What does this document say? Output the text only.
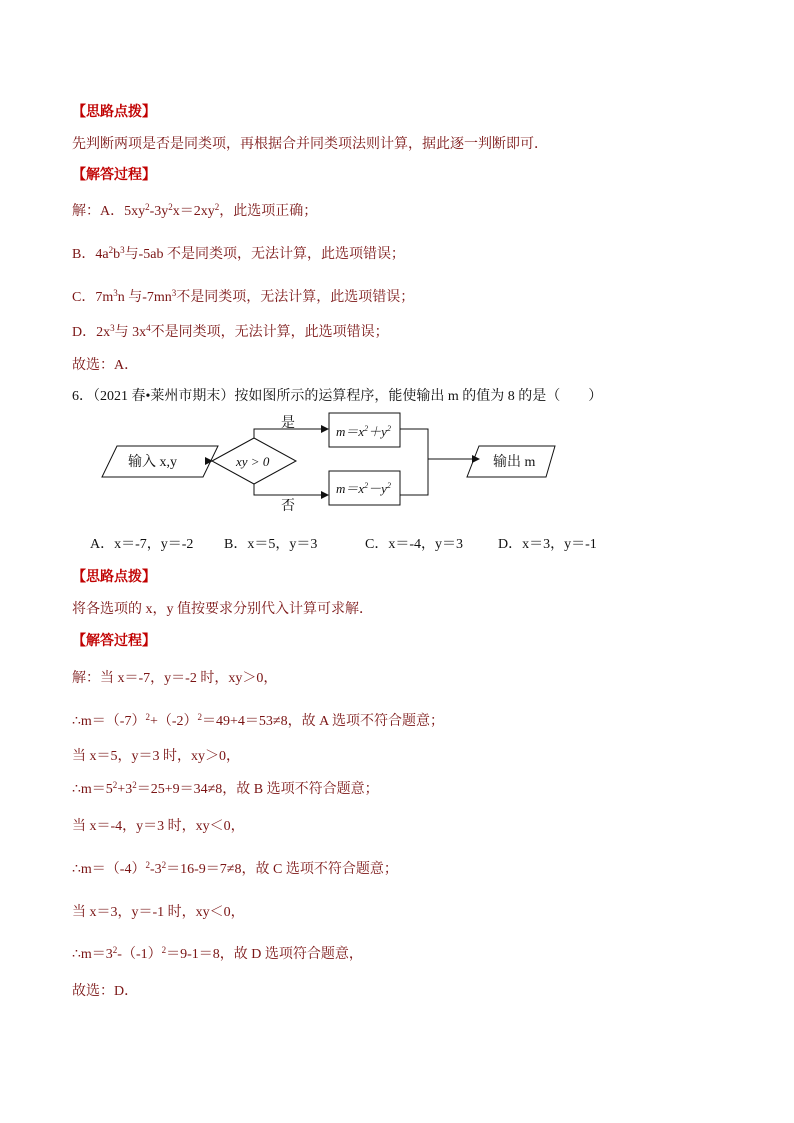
【思路点拨】
先判断两项是否是同类项，再根据合并同类项法则计算，据此逐一判断即可．
【解答过程】
解：A．$5xy^2-3y^2x=2xy^2$，此选项正确；
B．$4a^2b^3$与-5ab 不是同类项，无法计算，此选项错误；
C．$7m^3n$ 与$-7mn^3$不是同类项，无法计算，此选项错误；
D．$2x^3$与 $3x^4$不是同类项，无法计算，此选项错误；
故选：A．
6．（2021 春•莱州市期末）按如图所示的运算程序，能使输出 m 的值为 8 的是（　　）
输入 x,y	xy > 0
是
否
$m=x^2+y^2$
$m=x^2-y^2$
输出 m
A．x＝-7，y＝-2 B．x＝5，y＝3	C．x＝-4，y＝3	D．x＝3，y＝-1
【思路点拨】
将各选项的 x，y 值按要求分别代入计算可求解．
【解答过程】
解：当 x＝-7，y＝-2 时，xy＞0，
$\therefore m=(-7)^2+(-2)^2=49+4=53\ne 8$，故 A 选项不符合题意；
当 x＝5，y＝3 时，xy＞0，
$\therefore m=5^2+3^2=25+9=34\ne 8$，故 B 选项不符合题意；
当 x＝-4，y＝3 时，xy＜0，
$\therefore m=(-4)^2-3^2=16-9=7\ne 8$，故 C 选项不符合题意；
当 x＝3，y＝-1 时，xy＜0，
$\therefore m=3^2-(-1)^2=9-1=8$，故 D 选项符合题意，
故选：D．
